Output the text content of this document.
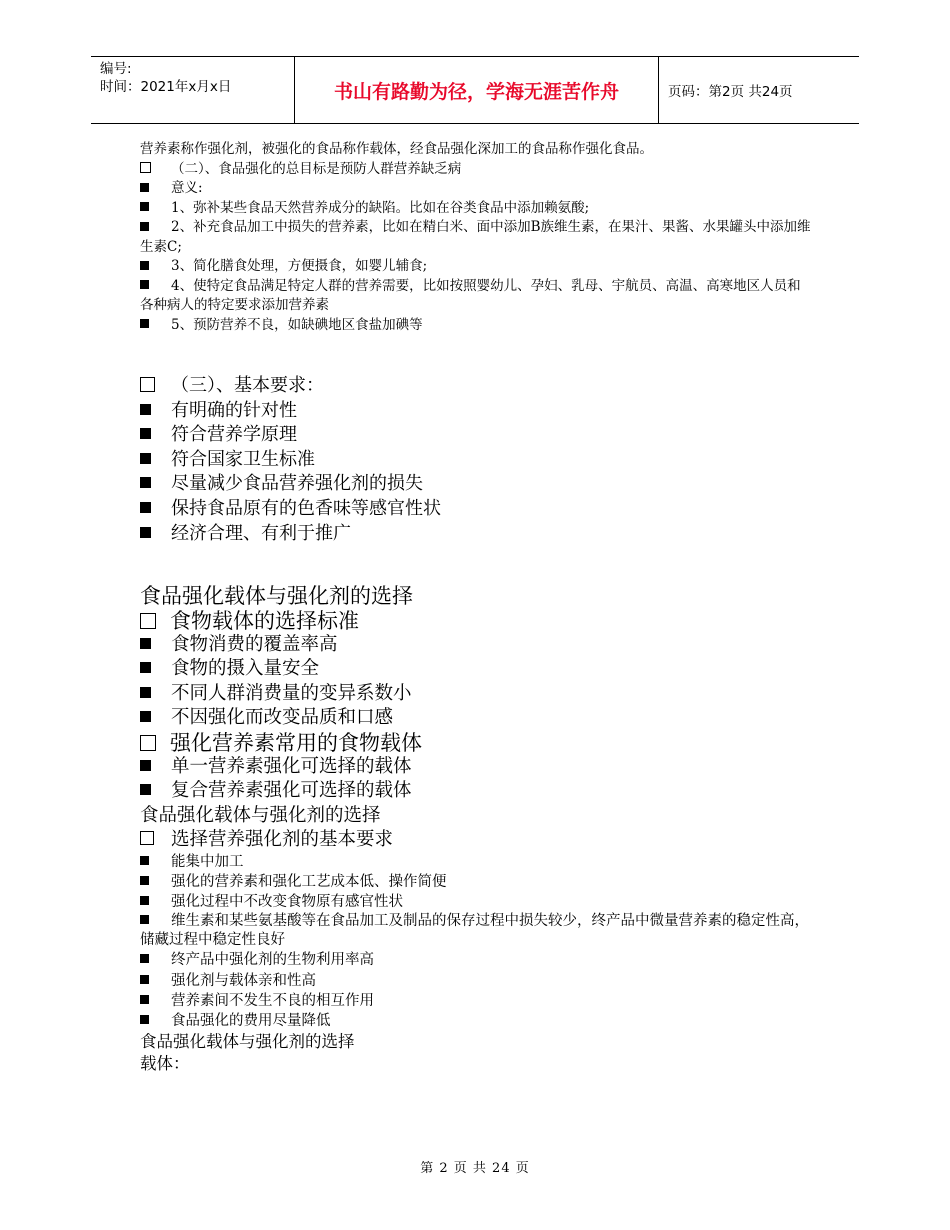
编号:
时间：2021年x月x日	书山有路勤为径，学海无涯苦作舟	页码：第2页 共24页
营养素称作强化剂，被强化的食品称作载体，经食品强化深加工的食品称作强化食品。
（二）、食品强化的总目标是预防人群营养缺乏病
意义:
1、弥补某些食品天然营养成分的缺陷。比如在谷类食品中添加赖氨酸;
2、补充食品加工中损失的营养素，比如在精白米、面中添加B族维生素，在果汁、果酱、水果罐头中添加维生素C;
3、简化膳食处理，方便摄食，如婴儿辅食;
4、使特定食品满足特定人群的营养需要，比如按照婴幼儿、孕妇、乳母、宇航员、高温、高寒地区人员和各种病人的特定要求添加营养素
5、预防营养不良，如缺碘地区食盐加碘等
（三）、基本要求：
有明确的针对性
符合营养学原理
符合国家卫生标准
尽量减少食品营养强化剂的损失
保持食品原有的色香味等感官性状
经济合理、有利于推广
食品强化载体与强化剂的选择
食物载体的选择标准
食物消费的覆盖率高
食物的摄入量安全
不同人群消费量的变异系数小
不因强化而改变品质和口感
强化营养素常用的食物载体
单一营养素强化可选择的载体
复合营养素强化可选择的载体
食品强化载体与强化剂的选择
选择营养强化剂的基本要求
能集中加工
强化的营养素和强化工艺成本低、操作简便
强化过程中不改变食物原有感官性状
维生素和某些氨基酸等在食品加工及制品的保存过程中损失较少，终产品中微量营养素的稳定性高，储藏过程中稳定性良好
终产品中强化剂的生物利用率高
强化剂与载体亲和性高
营养素间不发生不良的相互作用
食品强化的费用尽量降低
食品强化载体与强化剂的选择
载体：
第 2 页 共 24 页
